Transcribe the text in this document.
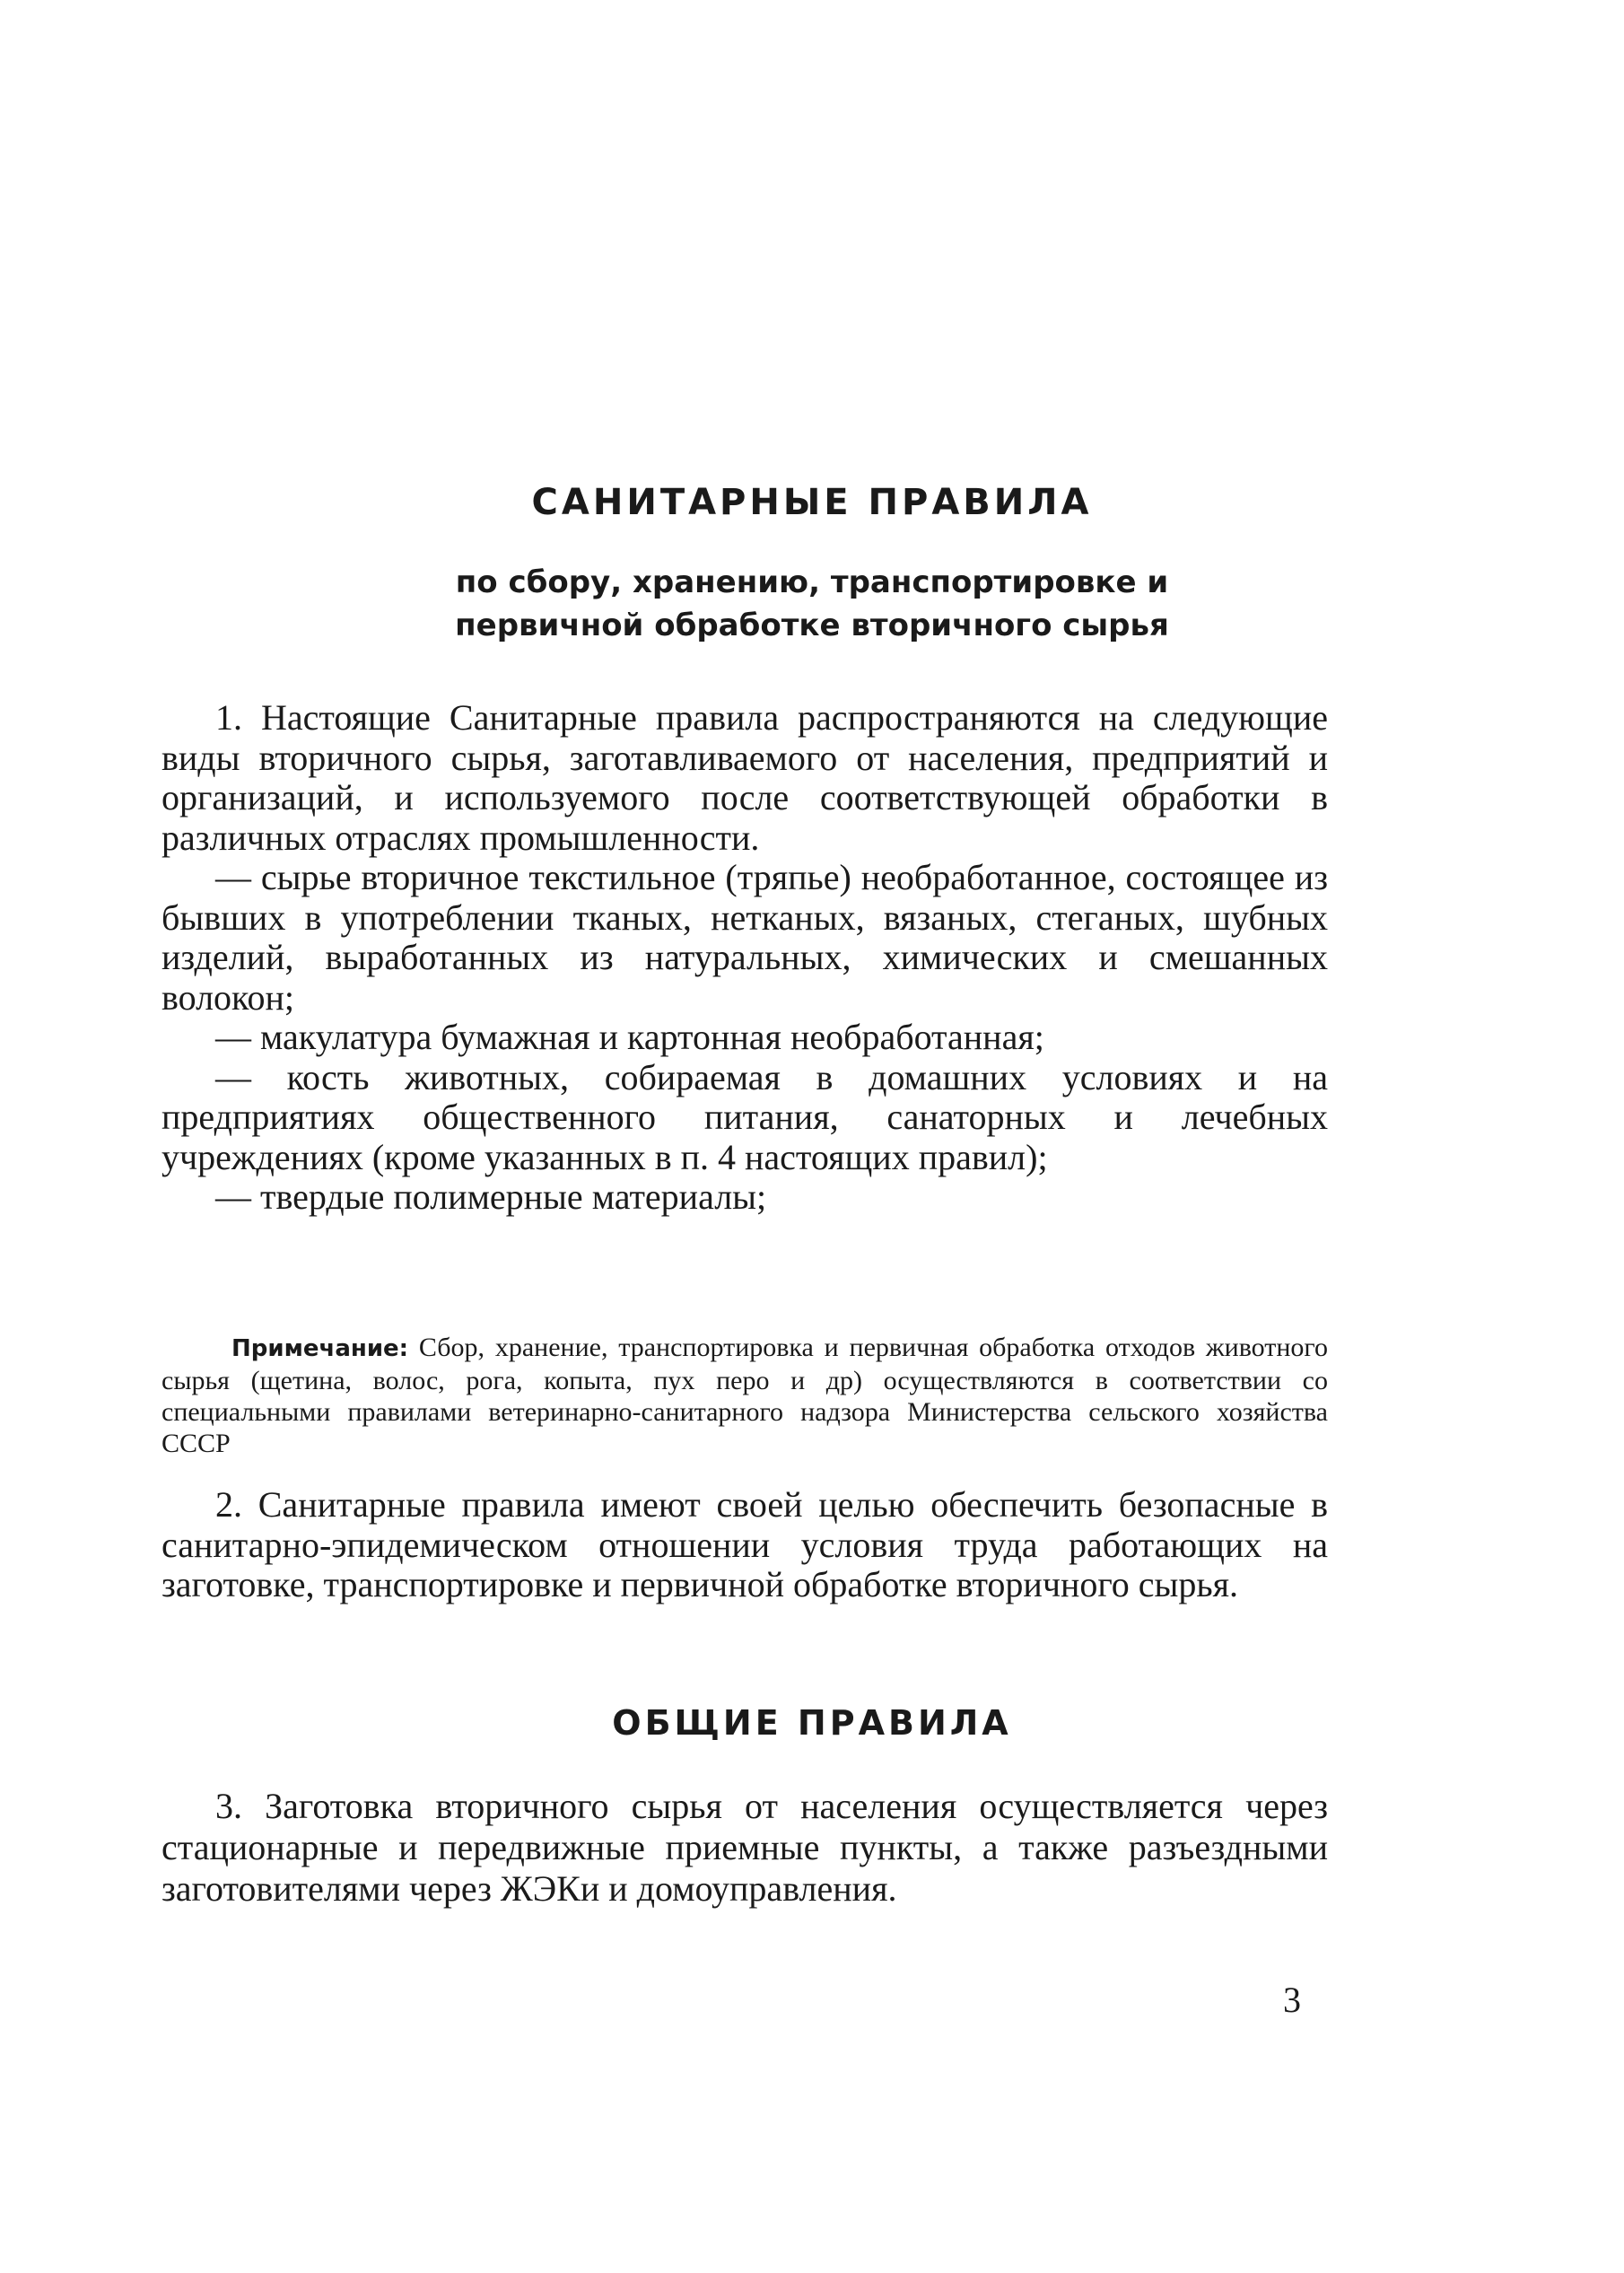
САНИТАРНЫЕ ПРАВИЛА
по сбору, хранению, транспортировке и
первичной обработке вторичного сырья

1. Настоящие Санитарные правила распространяются на следующие виды вторичного сырья, заготавливаемого от населения, предприятий и организаций, и используемого после соответствующей обработки в различных отраслях промышленности.

— сырье вторичное текстильное (тряпье) необработанное, состоящее из бывших в употреблении тканых, нетканых, вязаных, стеганых, шубных изделий, выработанных из натуральных, химических и смешанных волокон;

— макулатура бумажная и картонная необработанная;

— кость животных, собираемая в домашних условиях и на предприятиях общественного питания, санаторных и лечебных учреждениях (кроме указанных в п. 4 настоящих правил);

— твердые полимерные материалы;

Примечание: Сбор, хранение, транспортировка и первичная обработка отходов животного сырья (щетина, волос, рога, копыта, пух перо и др) осуществляются в соответствии со специальными правилами ветеринарно-санитарного надзора Министерства сельского хозяйства СССР

2. Санитарные правила имеют своей целью обеспечить безопасные в санитарно-эпидемическом отношении условия труда работающих на заготовке, транспортировке и первичной обработке вторичного сырья.

ОБЩИЕ ПРАВИЛА

3. Заготовка вторичного сырья от населения осуществляется через стационарные и передвижные приемные пункты, а также разъездными заготовителями через ЖЭКи и домоуправления.

3
